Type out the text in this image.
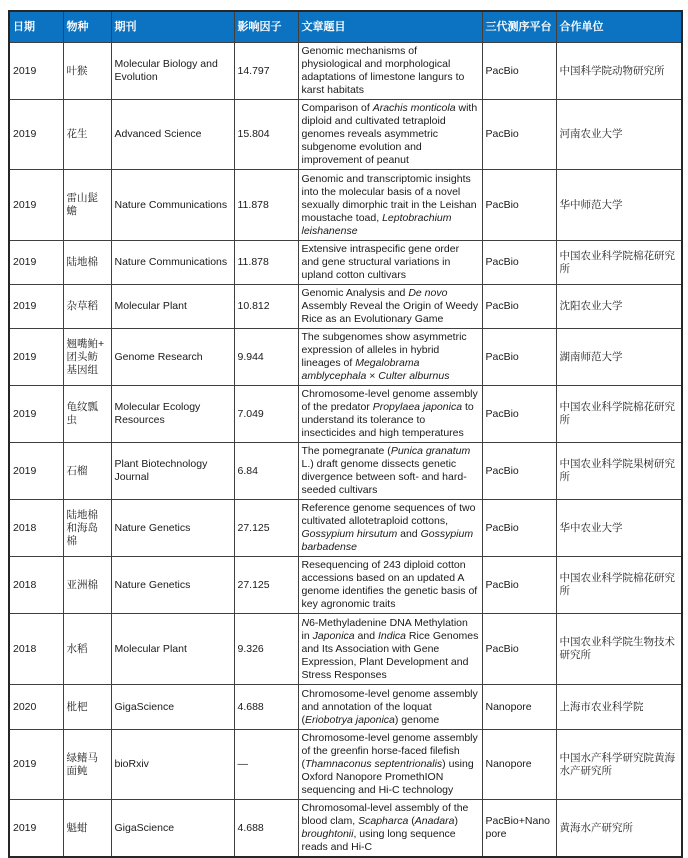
日期	物种	期刊	影响因子	文章题目	三代测序平台	合作单位
2019	叶猴	Molecular Biology and Evolution	14.797	Genomic mechanisms of physiological and morphological adaptations of limestone langurs to karst habitats	PacBio	中国科学院动物研究所
2019	花生	Advanced Science	15.804	Comparison of Arachis monticola with diploid and cultivated tetraploid genomes reveals asymmetric subgenome evolution and improvement of peanut	PacBio	河南农业大学
2019	雷山髭蟾	Nature Communications	11.878	Genomic and transcriptomic insights into the molecular basis of a novel sexually dimorphic trait in the Leishan moustache toad, Leptobrachium leishanense	PacBio	华中师范大学
2019	陆地棉	Nature Communications	11.878	Extensive intraspecific gene order and gene structural variations in upland cotton cultivars	PacBio	中国农业科学院棉花研究所
2019	杂草稻	Molecular Plant	10.812	Genomic Analysis and De novo Assembly Reveal the Origin of Weedy Rice as an Evolutionary Game	PacBio	沈阳农业大学
2019	翘嘴鲌+ 团头鲂基因组	Genome Research	9.944	The subgenomes show asymmetric expression of alleles in hybrid lineages of Megalobrama amblycephala × Culter alburnus	PacBio	湖南师范大学
2019	龟纹瓢虫	Molecular Ecology Resources	7.049	Chromosome-level genome assembly of the predator Propylaea japonica to understand its tolerance to insecticides and high temperatures	PacBio	中国农业科学院棉花研究所
2019	石榴	Plant Biotechnology Journal	6.84	The pomegranate (Punica granatum L.) draft genome dissects genetic divergence between soft- and hard-seeded cultivars	PacBio	中国农业科学院果树研究所
2018	陆地棉和海岛棉	Nature Genetics	27.125	Reference genome sequences of two cultivated allotetraploid cottons, Gossypium hirsutum and Gossypium barbadense	PacBio	华中农业大学
2018	亚洲棉	Nature Genetics	27.125	Resequencing of 243 diploid cotton accessions based on an updated A genome identifies the genetic basis of key agronomic traits	PacBio	中国农业科学院棉花研究所
2018	水稻	Molecular Plant	9.326	N6-Methyladenine DNA Methylation in Japonica and Indica Rice Genomes and Its Association with Gene Expression, Plant Development and Stress Responses	PacBio	中国农业科学院生物技术研究所
2020	枇杷	GigaScience	4.688	Chromosome-level genome assembly and annotation of the loquat (Eriobotrya japonica) genome	Nanopore	上海市农业科学院
2019	绿鳍马面鲀	bioRxiv	—	Chromosome-level genome assembly of the greenfin horse-faced filefish (Thamnaconus septentrionalis) using Oxford Nanopore PromethION sequencing and Hi-C technology	Nanopore	中国水产科学研究院黄海水产研究所
2019	魁蚶	GigaScience	4.688	Chromosomal-level assembly of the blood clam, Scapharca (Anadara) broughtonii, using long sequence reads and Hi-C	PacBio+Nanopore	黄海水产研究所
